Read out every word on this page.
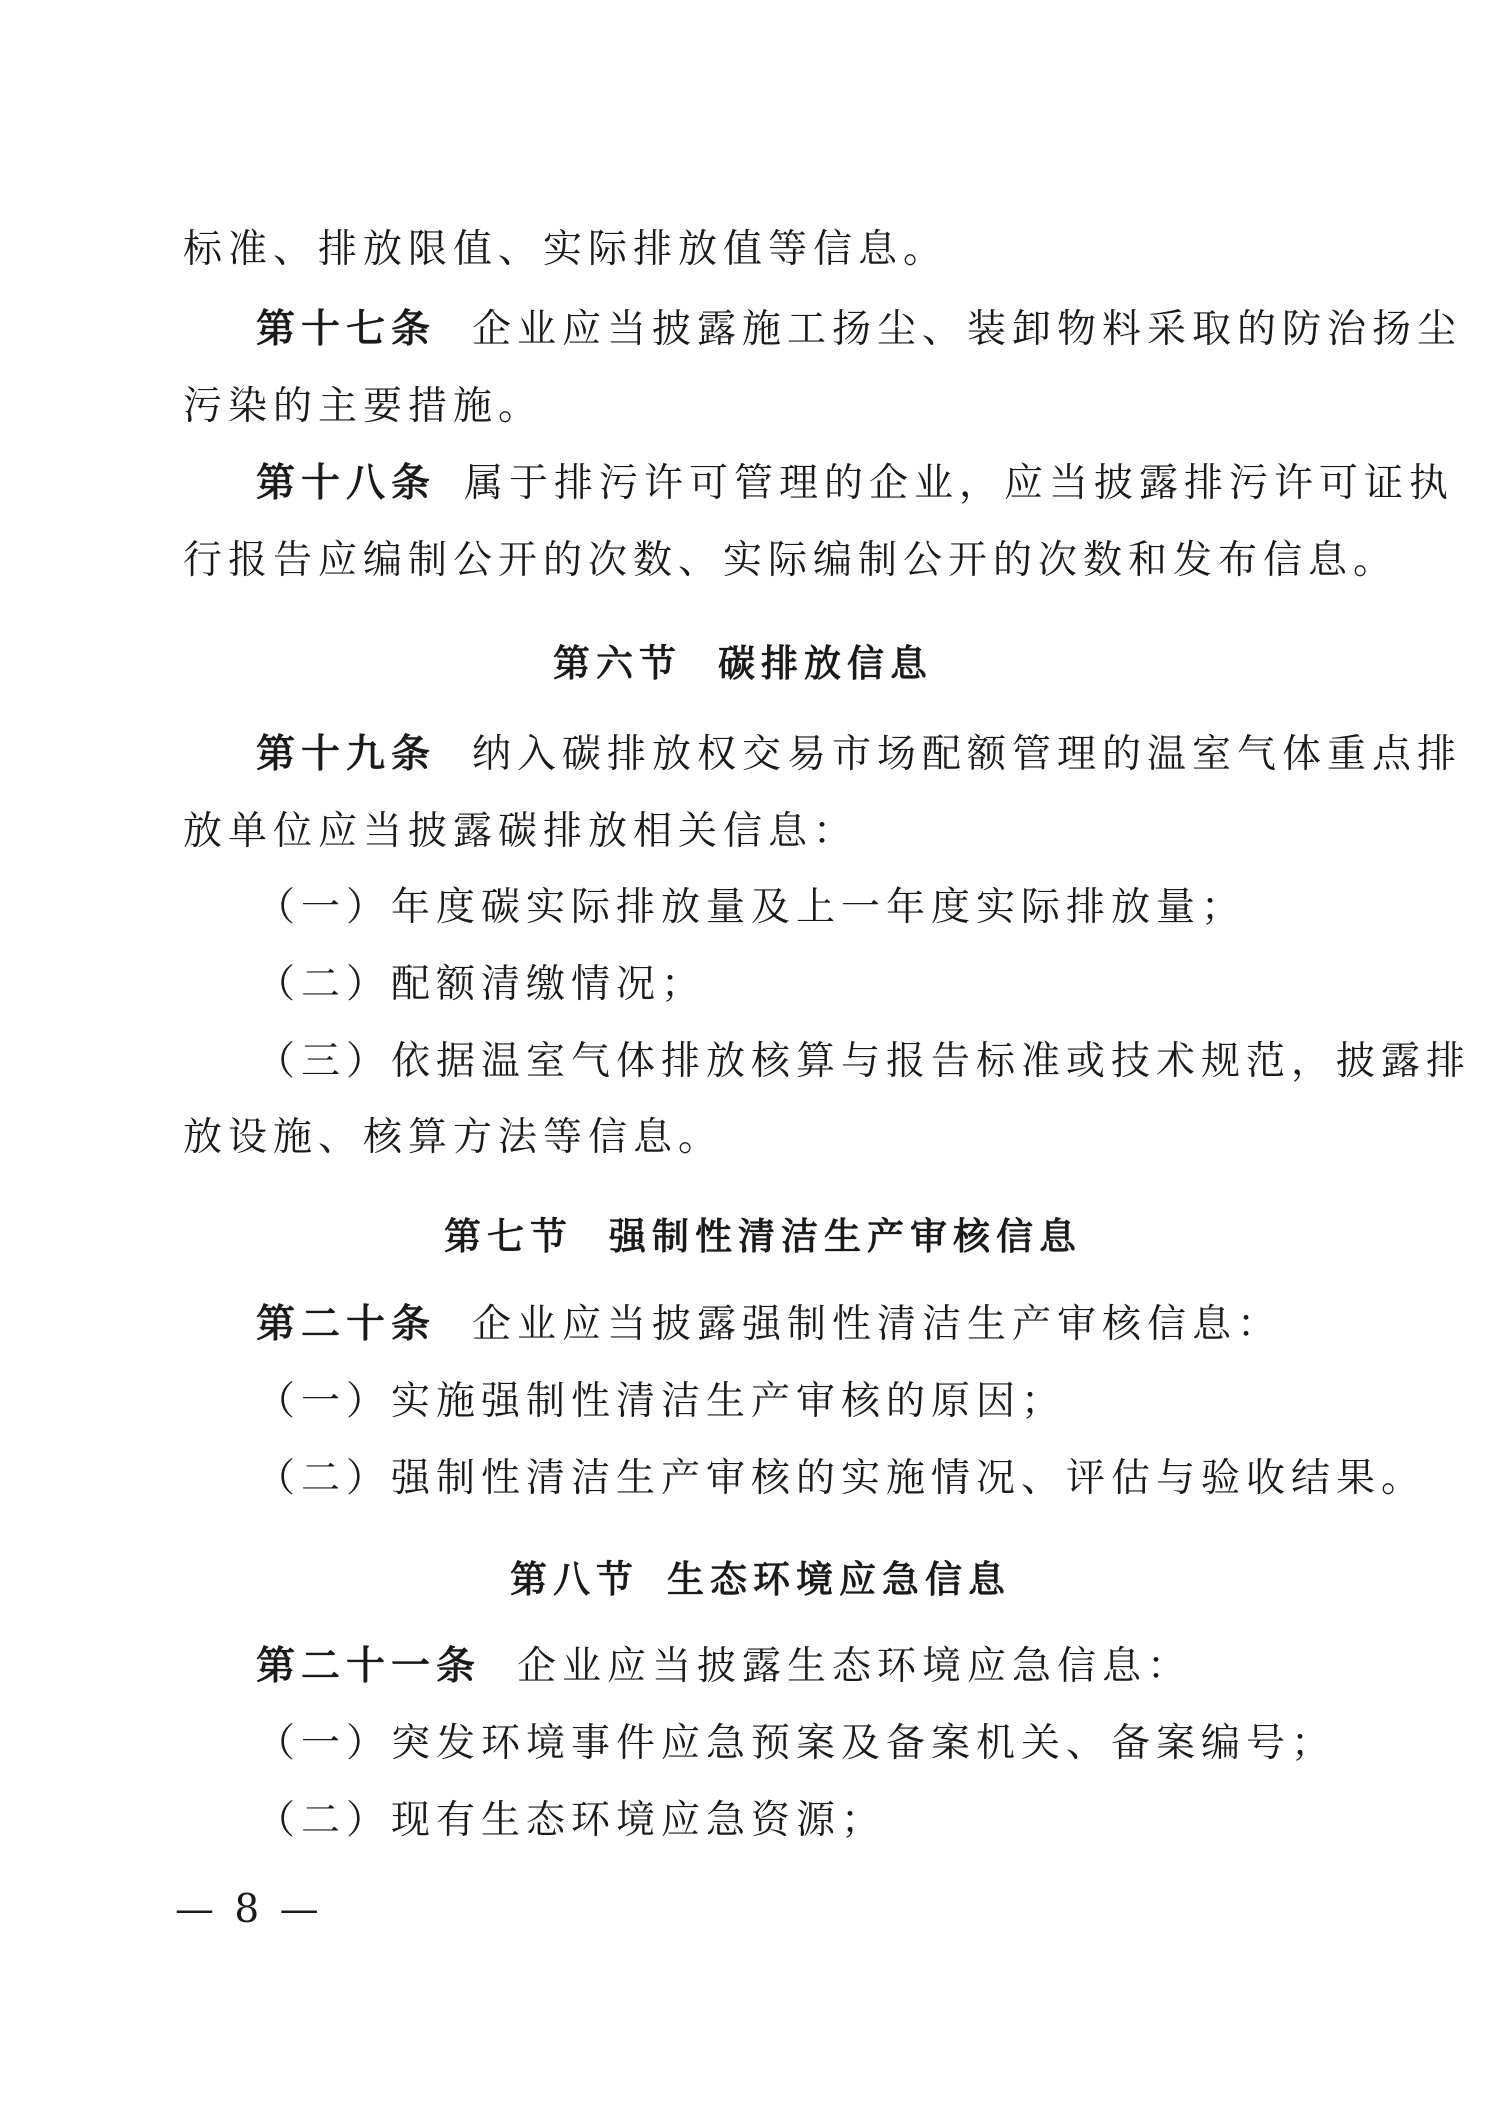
标准、排放限值、实际排放值等信息。
第十七条 企业应当披露施工扬尘、装卸物料采取的防治扬尘
污染的主要措施。
第十八条 属于排污许可管理的企业，应当披露排污许可证执
行报告应编制公开的次数、实际编制公开的次数和发布信息。
第六节 碳排放信息
第十九条 纳入碳排放权交易市场配额管理的温室气体重点排
放单位应当披露碳排放相关信息：
（一）年度碳实际排放量及上一年度实际排放量；
（二）配额清缴情况；
（三）依据温室气体排放核算与报告标准或技术规范，披露排
放设施、核算方法等信息。
第七节 强制性清洁生产审核信息
第二十条 企业应当披露强制性清洁生产审核信息：
（一）实施强制性清洁生产审核的原因；
（二）强制性清洁生产审核的实施情况、评估与验收结果。
第八节 生态环境应急信息
第二十一条 企业应当披露生态环境应急信息：
（一）突发环境事件应急预案及备案机关、备案编号；
（二）现有生态环境应急资源；
— 8 —
